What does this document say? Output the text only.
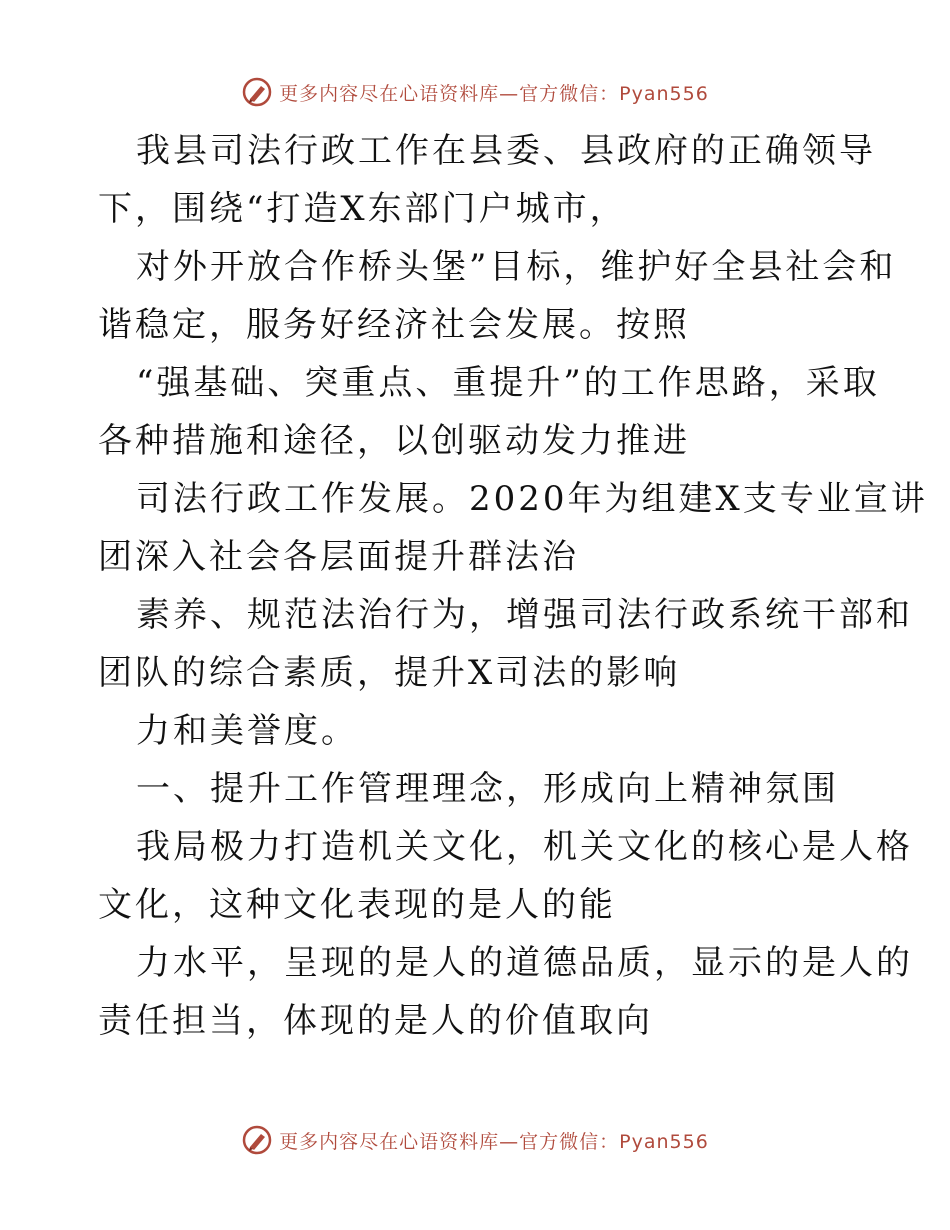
更多内容尽在心语资料库—官方微信：Pyan556
我县司法行政工作在县委、县政府的正确领导
下，围绕“打造X东部门户城市，
对外开放合作桥头堡”目标，维护好全县社会和
谐稳定，服务好经济社会发展。按照
“强基础、突重点、重提升”的工作思路，采取
各种措施和途径，以创驱动发力推进
司法行政工作发展。2020年为组建X支专业宣讲
团深入社会各层面提升群法治
素养、规范法治行为，增强司法行政系统干部和
团队的综合素质，提升X司法的影响
力和美誉度。
一、提升工作管理理念，形成向上精神氛围
我局极力打造机关文化，机关文化的核心是人格
文化，这种文化表现的是人的能
力水平，呈现的是人的道德品质，显示的是人的
责任担当，体现的是人的价值取向
更多内容尽在心语资料库—官方微信：Pyan556
